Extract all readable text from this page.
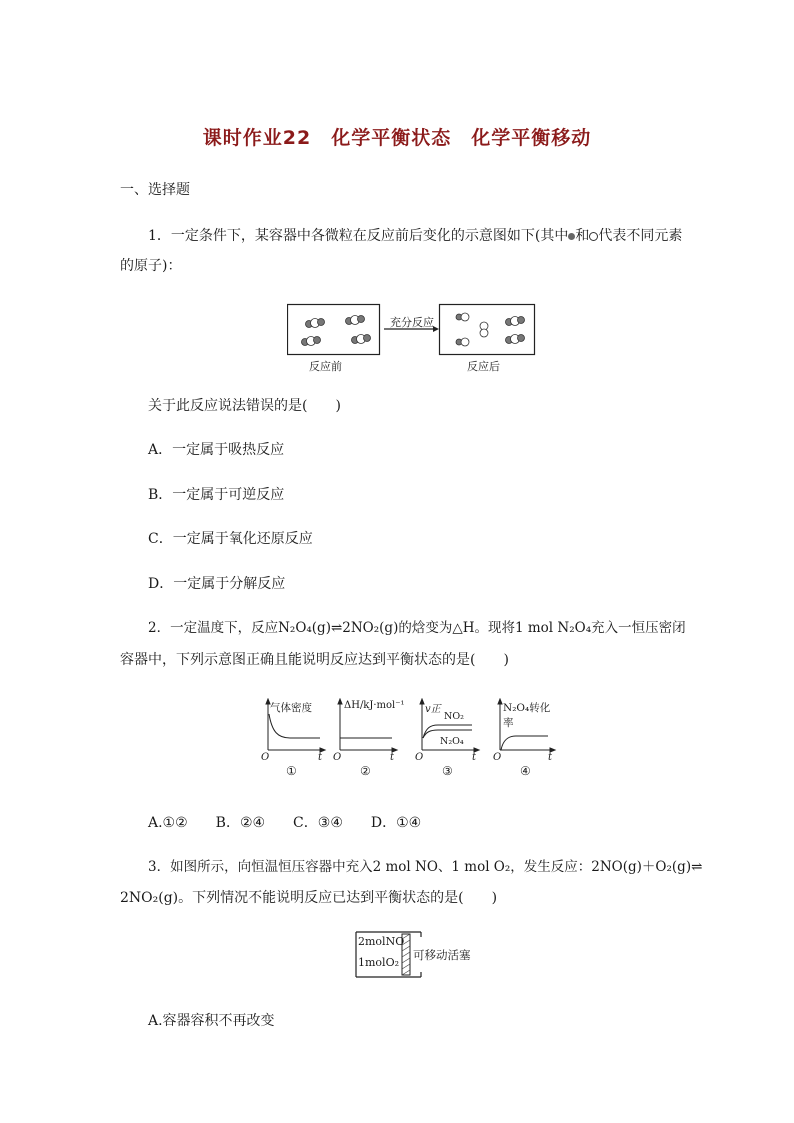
课时作业22　化学平衡状态　化学平衡移动
一、选择题
1．一定条件下，某容器中各微粒在反应前后变化的示意图如下(其中 和 代表不同元素
的原子)：
充分反应
反应前	反应后
关于此反应说法错误的是(　　)
A．一定属于吸热反应
B．一定属于可逆反应
C．一定属于氧化还原反应
D．一定属于分解反应
2．一定温度下，反应N₂O₄(g)⇌2NO₂(g)的焓变为△H。现将1 mol N₂O₄充入一恒压密闭
容器中，下列示意图正确且能说明反应达到平衡状态的是(　　)
气体密度	ΔH/kJ·mol⁻¹ v正
NO₂
N₂O₄
N₂O₄转化率
O	t O	t O	t O	t
①	②	③	④
A.①②　　B．②④　　C．③④　　D．①④
3．如图所示，向恒温恒压容器中充入2 mol NO、1 mol O₂，发生反应：2NO(g)＋O₂(g)⇌
2NO₂(g)。下列情况不能说明反应已达到平衡状态的是(　　)
2molNO
1molO₂
可移动活塞
A.容器容积不再改变
